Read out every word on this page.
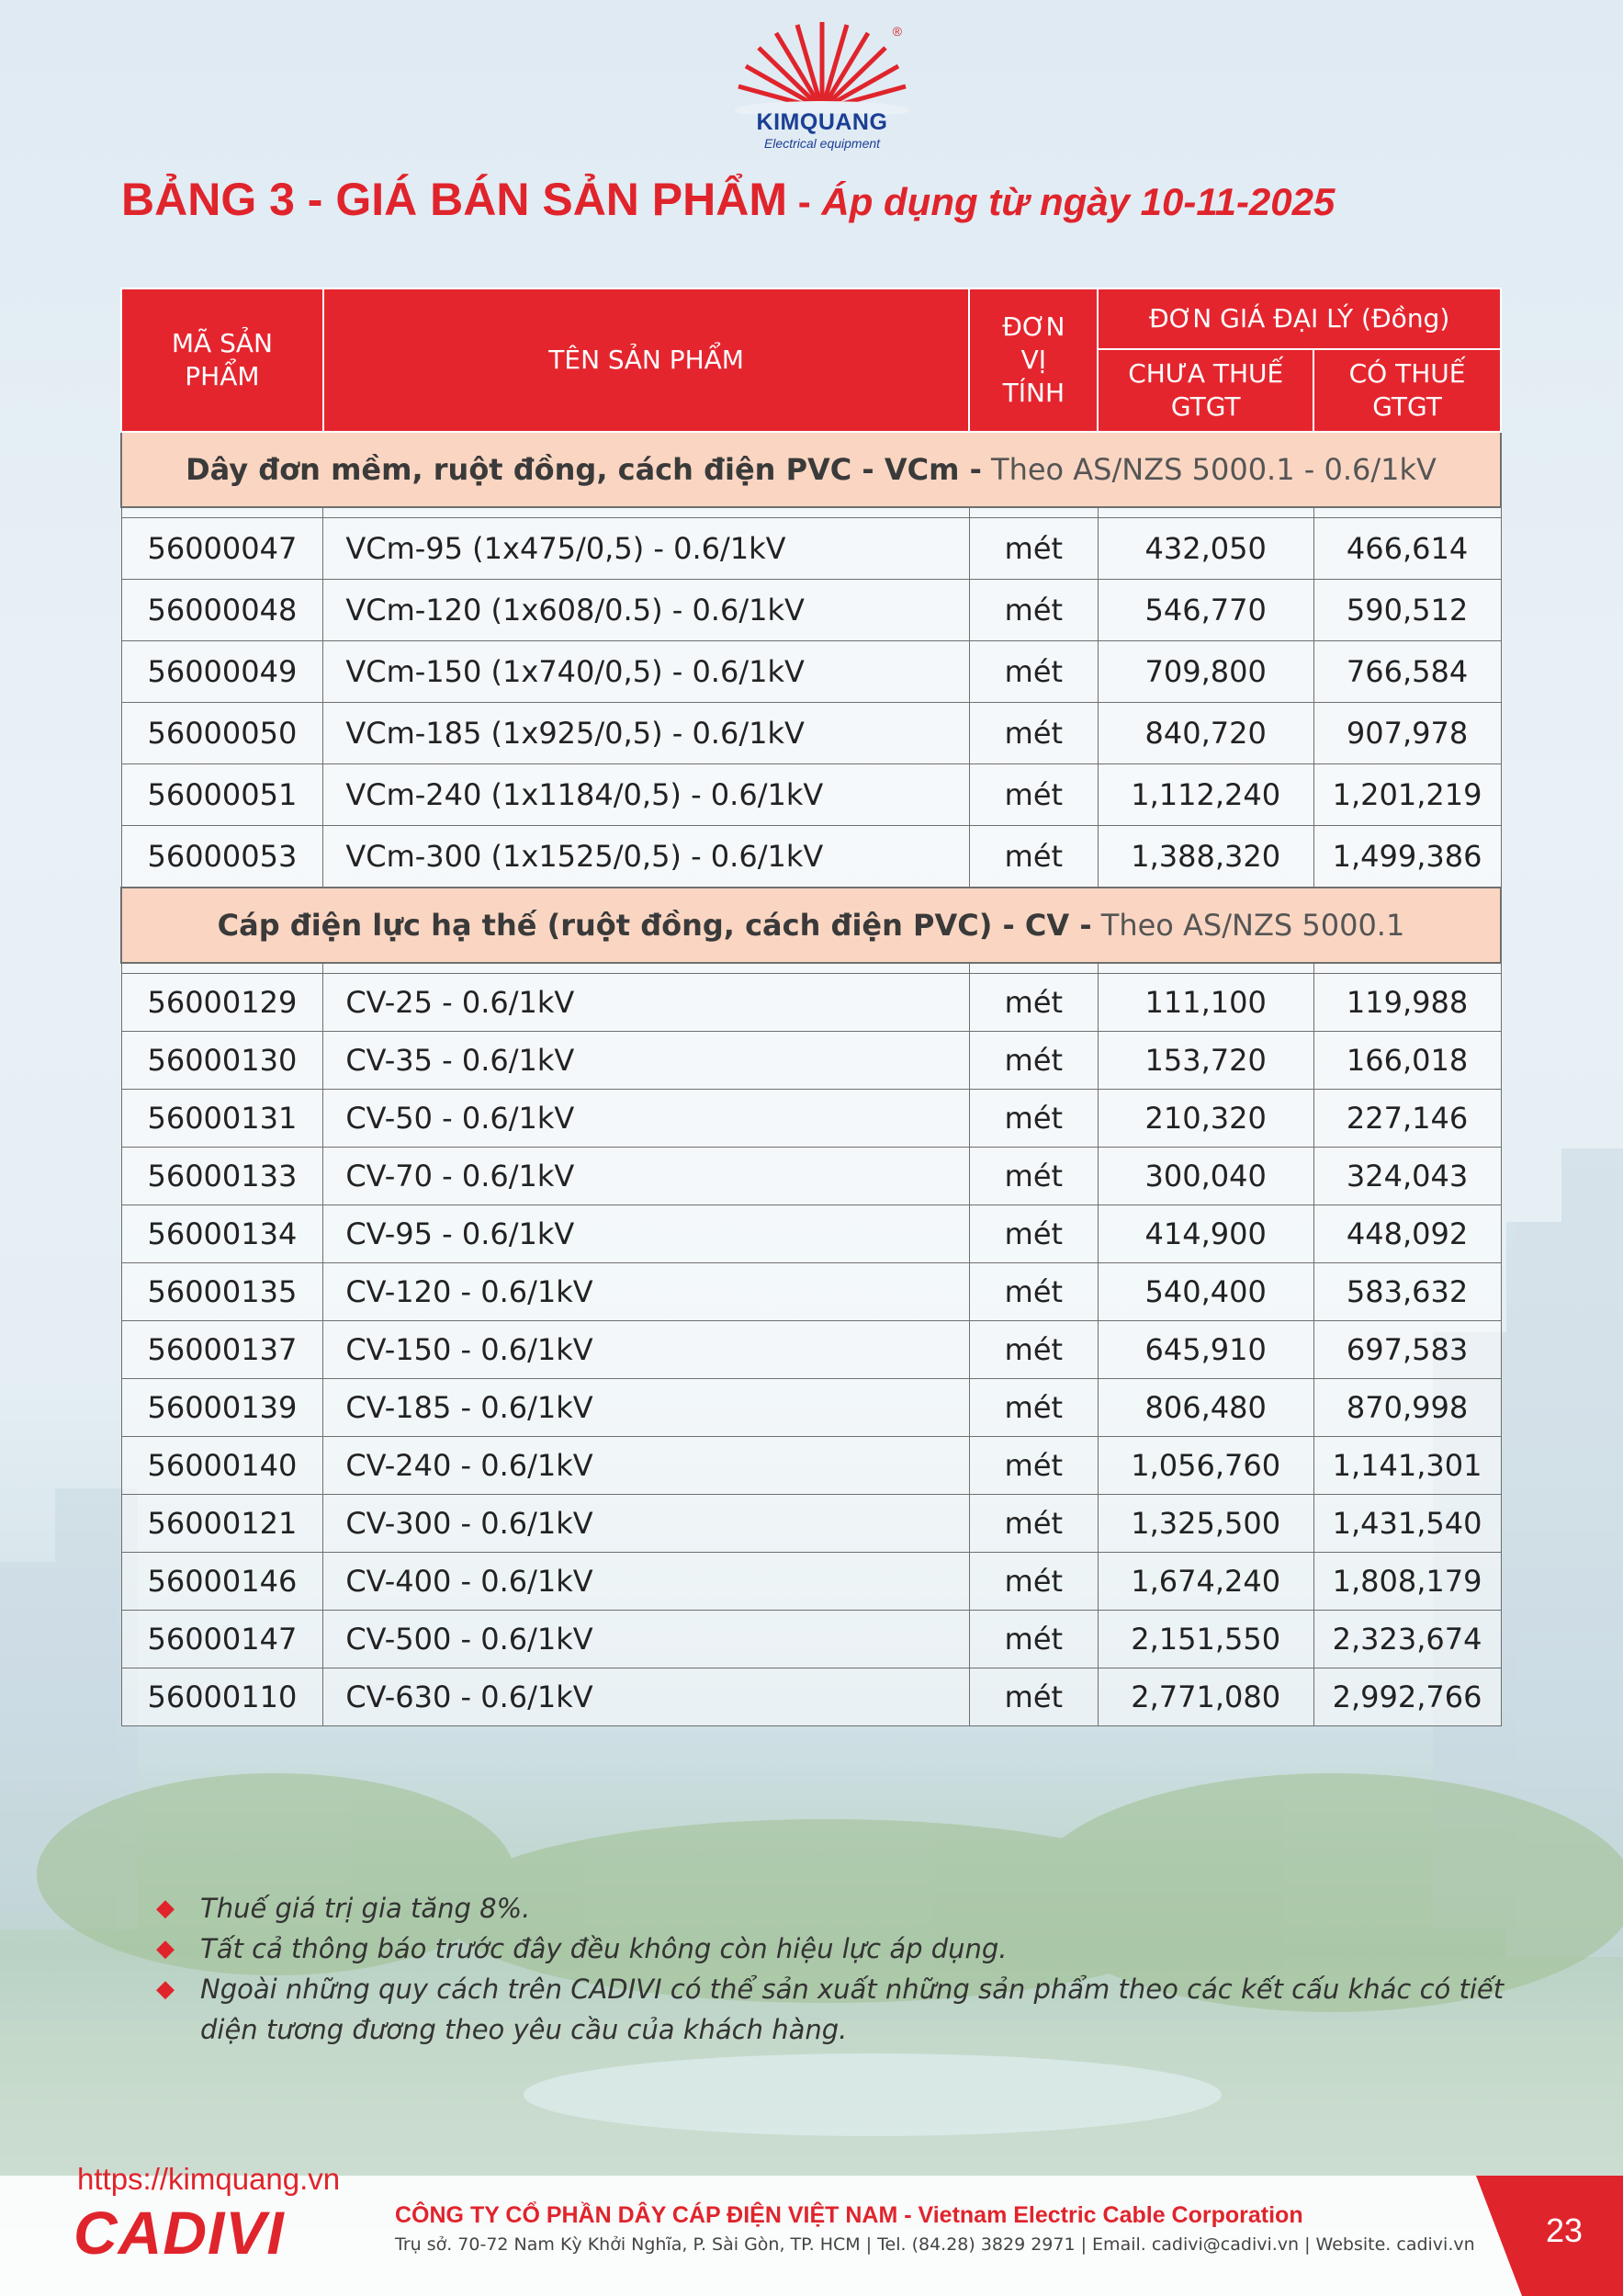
®
KIMQUANG
Electrical equipment
BẢNG 3 - GIÁ BÁN SẢN PHẨM - Áp dụng từ ngày 10-11-2025
MÃ SẢN PHẨM	TÊN SẢN PHẨM	ĐƠN VỊ TÍNH	ĐƠN GIÁ ĐẠI LÝ (Đồng)	
			CHƯA THUẾ GTGT	CÓ THUẾ GTGT
Dây đơn mềm, ruột đồng, cách điện PVC - VCm - Theo AS/NZS 5000.1 - 0.6/1kV				

56000047	VCm-95 (1x475/0,5) - 0.6/1kV	mét	432,050	466,614
56000048	VCm-120 (1x608/0.5) - 0.6/1kV	mét	546,770	590,512
56000049	VCm-150 (1x740/0,5) - 0.6/1kV	mét	709,800	766,584
56000050	VCm-185 (1x925/0,5) - 0.6/1kV	mét	840,720	907,978
56000051	VCm-240 (1x1184/0,5) - 0.6/1kV	mét	1,112,240	1,201,219
56000053	VCm-300 (1x1525/0,5) - 0.6/1kV	mét	1,388,320	1,499,386
Cáp điện lực hạ thế (ruột đồng, cách điện PVC) - CV - Theo AS/NZS 5000.1				

56000129	CV-25 - 0.6/1kV	mét	111,100	119,988
56000130	CV-35 - 0.6/1kV	mét	153,720	166,018
56000131	CV-50 - 0.6/1kV	mét	210,320	227,146
56000133	CV-70 - 0.6/1kV	mét	300,040	324,043
56000134	CV-95 - 0.6/1kV	mét	414,900	448,092
56000135	CV-120 - 0.6/1kV	mét	540,400	583,632
56000137	CV-150 - 0.6/1kV	mét	645,910	697,583
56000139	CV-185 - 0.6/1kV	mét	806,480	870,998
56000140	CV-240 - 0.6/1kV	mét	1,056,760	1,141,301
56000121	CV-300 - 0.6/1kV	mét	1,325,500	1,431,540
56000146	CV-400 - 0.6/1kV	mét	1,674,240	1,808,179
56000147	CV-500 - 0.6/1kV	mét	2,151,550	2,323,674
56000110	CV-630 - 0.6/1kV	mét	2,771,080	2,992,766
◆ Thuế giá trị gia tăng 8%.
◆ Tất cả thông báo trước đây đều không còn hiệu lực áp dụng.
◆ Ngoài những quy cách trên CADIVI có thể sản xuất những sản phẩm theo các kết cấu khác có tiết diện tương đương theo yêu cầu của khách hàng.
https://kimquang.vn
CADIVI	CÔNG TY CỔ PHẦN DÂY CÁP ĐIỆN VIỆT NAM - Vietnam Electric Cable Corporation
Trụ sở. 70-72 Nam Kỳ Khởi Nghĩa, P. Sài Gòn, TP. HCM | Tel. (84.28) 3829 2971 | Email. cadivi@cadivi.vn | Website. cadivi.vn	23
